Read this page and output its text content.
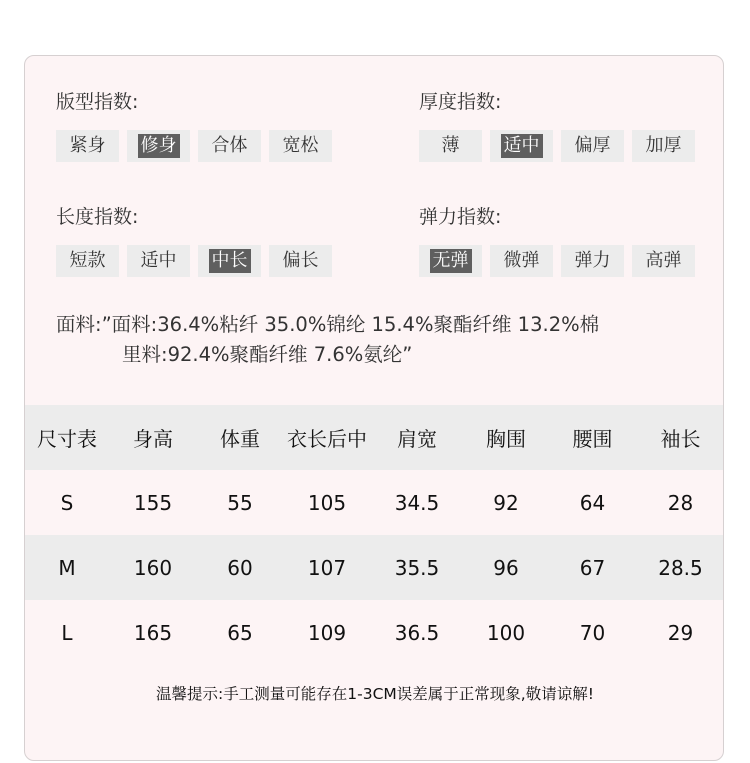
版型指数:
紧身 修身 合体 宽松
厚度指数:
薄 适中 偏厚 加厚
长度指数:
短款 适中 中长 偏长
弹力指数:
无弹 微弹 弹力 高弹
面料:”面料:36.4%粘纤 35.0%锦纶 15.4%聚酯纤维 13.2%棉
里料:92.4%聚酯纤维 7.6%氨纶”
尺寸表	身高	体重	衣长后中	肩宽	胸围	腰围	袖长
S	155	55	105	34.5	92	64	28
M	160	60	107	35.5	96	67	28.5
L	165	65	109	36.5	100	70	29
温馨提示:手工测量可能存在1-3CM误差属于正常现象,敬请谅解!
